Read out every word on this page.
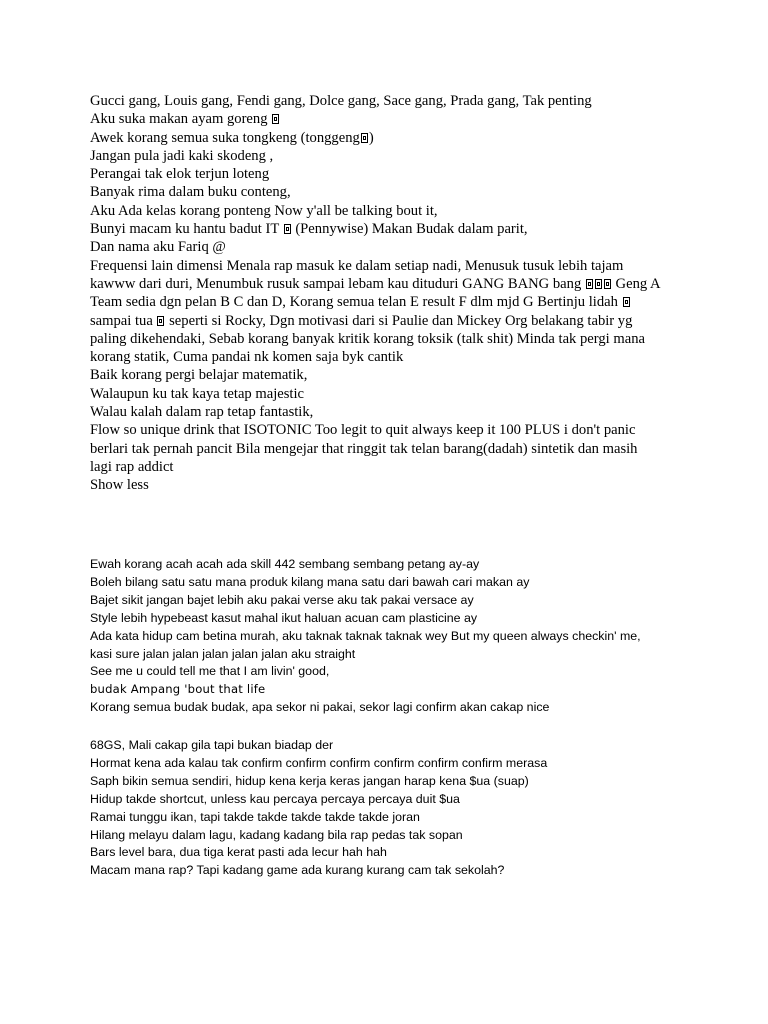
Gucci gang, Louis gang, Fendi gang, Dolce gang, Sace gang, Prada gang, Tak penting
Aku suka makan ayam goreng
Awek korang semua suka tongkeng (tonggeng )
Jangan pula jadi kaki skodeng ,
Perangai tak elok terjun loteng
Banyak rima dalam buku conteng,
Aku Ada kelas korang ponteng Now y'all be talking bout it,
Bunyi macam ku hantu badut IT  (Pennywise) Makan Budak dalam parit,
Dan nama aku Fariq @
Frequensi lain dimensi Menala rap masuk ke dalam setiap nadi, Menusuk tusuk lebih tajam
kawww dari duri, Menumbuk rusuk sampai lebam kau dituduri GANG BANG bang  Geng A
Team sedia dgn pelan B C dan D, Korang semua telan E result F dlm mjd G Bertinju lidah
sampai tua  seperti si Rocky, Dgn motivasi dari si Paulie dan Mickey Org belakang tabir yg
paling dikehendaki, Sebab korang banyak kritik korang toksik (talk shit) Minda tak pergi mana
korang statik, Cuma pandai nk komen saja byk cantik
Baik korang pergi belajar matematik,
Walaupun ku tak kaya tetap majestic
Walau kalah dalam rap tetap fantastik,
Flow so unique drink that ISOTONIC Too legit to quit always keep it 100 PLUS i don't panic
berlari tak pernah pancit Bila mengejar that ringgit tak telan barang(dadah) sintetik dan masih
lagi rap addict
Show less
Ewah korang acah acah ada skill 442 sembang sembang petang ay-ay
Boleh bilang satu satu mana produk kilang mana satu dari bawah cari makan ay
Bajet sikit jangan bajet lebih aku pakai verse aku tak pakai versace ay
Style lebih hypebeast kasut mahal ikut haluan acuan cam plasticine ay
Ada kata hidup cam betina murah, aku taknak taknak taknak wey But my queen always checkin' me,
kasi sure jalan jalan jalan jalan jalan aku straight
See me u could tell me that I am livin' good,
budak Ampang 'bout that life
Korang semua budak budak, apa sekor ni pakai, sekor lagi confirm akan cakap nice
68GS, Mali cakap gila tapi bukan biadap der
Hormat kena ada kalau tak confirm confirm confirm confirm confirm confirm merasa
Saph bikin semua sendiri, hidup kena kerja keras jangan harap kena $ua (suap)
Hidup takde shortcut, unless kau percaya percaya percaya duit $ua
Ramai tunggu ikan, tapi takde takde takde takde takde joran
Hilang melayu dalam lagu, kadang kadang bila rap pedas tak sopan
Bars level bara, dua tiga kerat pasti ada lecur hah hah
Macam mana rap? Tapi kadang game ada kurang kurang cam tak sekolah?
